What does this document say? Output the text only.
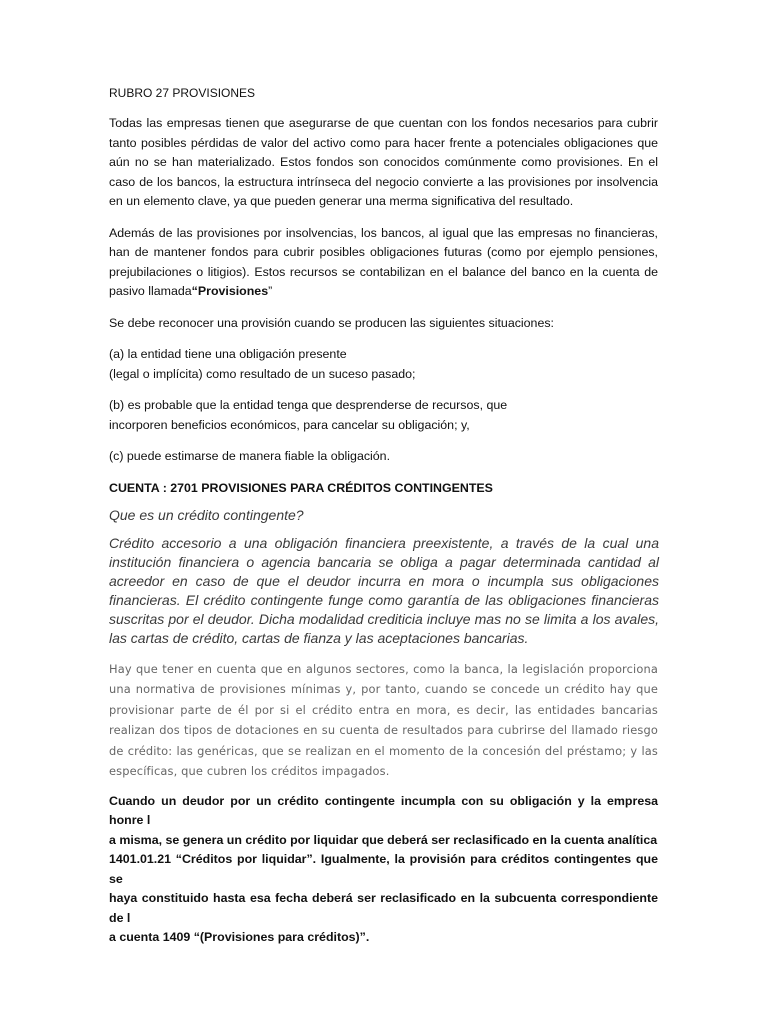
RUBRO 27 PROVISIONES

Todas las empresas tienen que asegurarse de que cuentan con los fondos necesarios para cubrir tanto posibles pérdidas de valor del activo como para hacer frente a potenciales obligaciones que aún no se han materializado. Estos fondos son conocidos comúnmente como provisiones. En el caso de los bancos, la estructura intrínseca del negocio convierte a las provisiones por insolvencia en un elemento clave, ya que pueden generar una merma significativa del resultado.

Además de las provisiones por insolvencias, los bancos, al igual que las empresas no financieras, han de mantener fondos para cubrir posibles obligaciones futuras (como por ejemplo pensiones, prejubilaciones o litigios). Estos recursos se contabilizan en el balance del banco en la cuenta de pasivo llamada“Provisiones”

Se debe reconocer una provisión cuando se producen las siguientes situaciones:

(a) la entidad tiene una obligación presente
(legal o implícita) como resultado de un suceso pasado;

(b) es probable que la entidad tenga que desprenderse de recursos, que
incorporen beneficios económicos, para cancelar su obligación; y,

(c) puede estimarse de manera fiable la obligación.

CUENTA : 2701 PROVISIONES PARA CRÉDITOS CONTINGENTES
Que es un crédito contingente?

Crédito accesorio a una obligación financiera preexistente, a través de la cual una institución financiera o agencia bancaria se obliga a pagar determinada cantidad al acreedor en caso de que el deudor incurra en mora o incumpla sus obligaciones financieras. El crédito contingente funge como garantía de las obligaciones financieras suscritas por el deudor. Dicha modalidad crediticia incluye mas no se limita a los avales, las cartas de crédito, cartas de fianza y las aceptaciones bancarias.

Hay que tener en cuenta que en algunos sectores, como la banca, la legislación proporciona una normativa de provisiones mínimas y, por tanto, cuando se concede un crédito hay que provisionar parte de él por si el crédito entra en mora, es decir, las entidades bancarias realizan dos tipos de dotaciones en su cuenta de resultados para cubrirse del llamado riesgo de crédito: las genéricas, que se realizan en el momento de la concesión del préstamo; y las específicas, que cubren los créditos impagados.

Cuando un deudor por un crédito contingente incumpla con su obligación y la empresa honre l
a misma, se genera un crédito por liquidar que deberá ser reclasificado en la cuenta analítica
1401.01.21 “Créditos por liquidar”. Igualmente, la provisión para créditos contingentes que se
haya constituido hasta esa fecha deberá ser reclasificado en la subcuenta correspondiente de l
a cuenta 1409 “(Provisiones para créditos)”.
